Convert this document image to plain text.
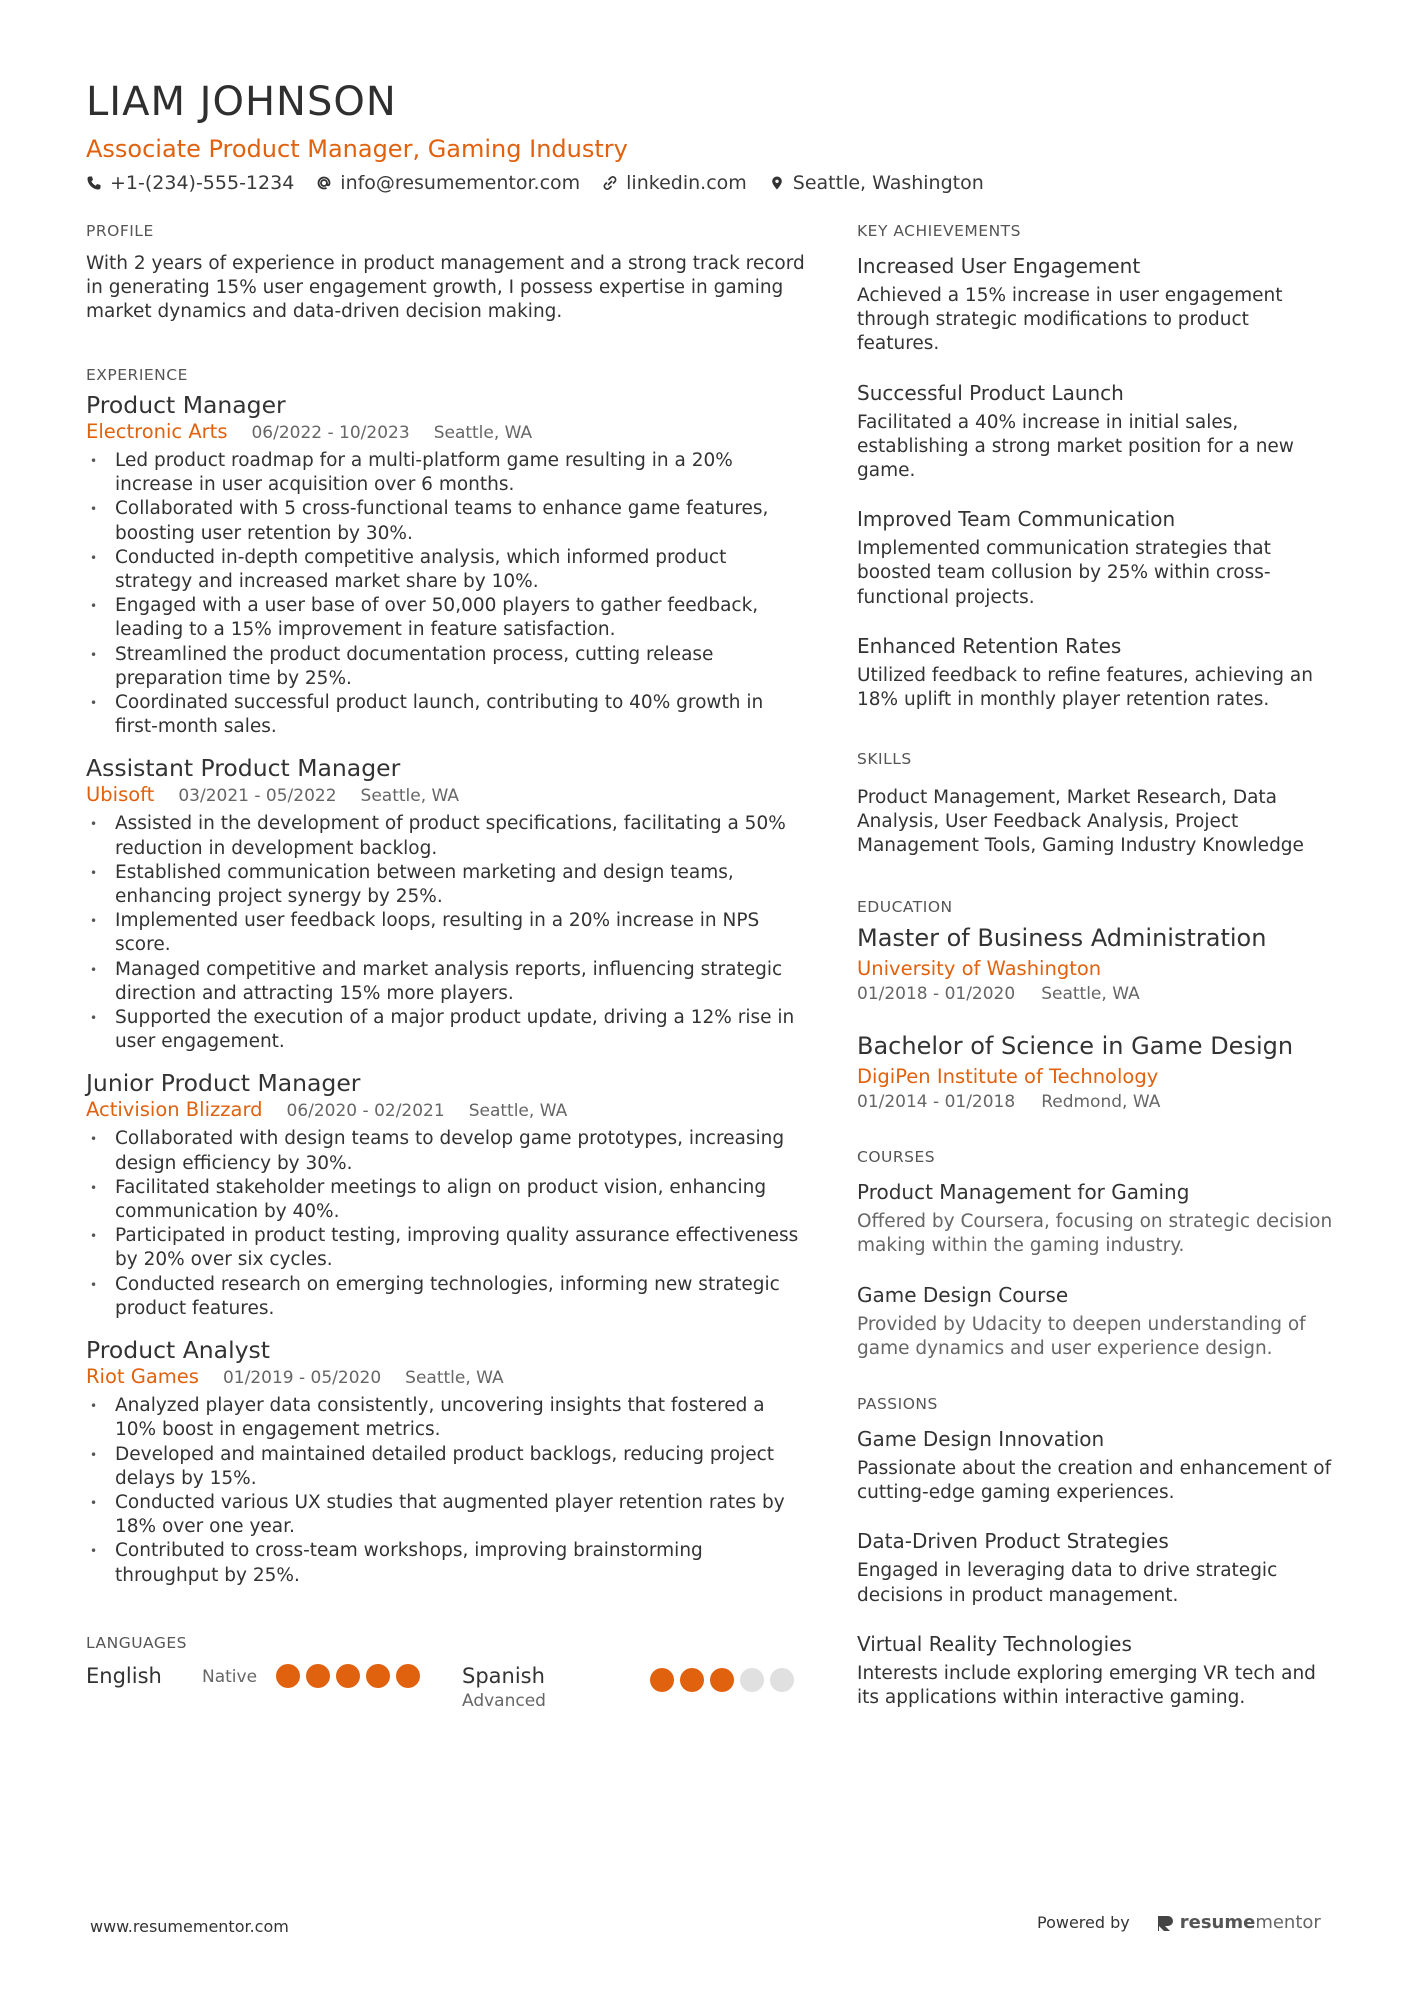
LIAM JOHNSON
Associate Product Manager, Gaming Industry
+1-(234)-555-1234 info@resumementor.com linkedin.com Seattle, Washington
PROFILE

With 2 years of experience in product management and a strong track record in generating 15% user engagement growth, I possess expertise in gaming market dynamics and data-driven decision making.

EXPERIENCE
Product Manager
Electronic Arts 06/2022 - 10/2023 Seattle, WA
• Led product roadmap for a multi-platform game resulting in a 20% increase in user acquisition over 6 months.
• Collaborated with 5 cross-functional teams to enhance game features, boosting user retention by 30%.
• Conducted in-depth competitive analysis, which informed product strategy and increased market share by 10%.
• Engaged with a user base of over 50,000 players to gather feedback, leading to a 15% improvement in feature satisfaction.
• Streamlined the product documentation process, cutting release preparation time by 25%.
• Coordinated successful product launch, contributing to 40% growth in first-month sales.
Assistant Product Manager
Ubisoft 03/2021 - 05/2022 Seattle, WA
• Assisted in the development of product specifications, facilitating a 50% reduction in development backlog.
• Established communication between marketing and design teams, enhancing project synergy by 25%.
• Implemented user feedback loops, resulting in a 20% increase in NPS score.
• Managed competitive and market analysis reports, influencing strategic direction and attracting 15% more players.
• Supported the execution of a major product update, driving a 12% rise in user engagement.
Junior Product Manager
Activision Blizzard 06/2020 - 02/2021 Seattle, WA
• Collaborated with design teams to develop game prototypes, increasing design efficiency by 30%.
• Facilitated stakeholder meetings to align on product vision, enhancing communication by 40%.
• Participated in product testing, improving quality assurance effectiveness by 20% over six cycles.
• Conducted research on emerging technologies, informing new strategic product features.
Product Analyst
Riot Games 01/2019 - 05/2020 Seattle, WA
• Analyzed player data consistently, uncovering insights that fostered a 10% boost in engagement metrics.
• Developed and maintained detailed product backlogs, reducing project delays by 15%.
• Conducted various UX studies that augmented player retention rates by 18% over one year.
• Contributed to cross-team workshops, improving brainstorming throughput by 25%.
LANGUAGES
English	Native	Spanish
Advanced
KEY ACHIEVEMENTS
Increased User Engagement
Achieved a 15% increase in user engagement through strategic modifications to product features.
Successful Product Launch
Facilitated a 40% increase in initial sales, establishing a strong market position for a new game.
Improved Team Communication
Implemented communication strategies that boosted team collusion by 25% within cross-functional projects.
Enhanced Retention Rates
Utilized feedback to refine features, achieving an 18% uplift in monthly player retention rates.
SKILLS

Product Management, Market Research, Data Analysis, User Feedback Analysis, Project Management Tools, Gaming Industry Knowledge

EDUCATION
Master of Business Administration
University of Washington
01/2018 - 01/2020 Seattle, WA
Bachelor of Science in Game Design
DigiPen Institute of Technology
01/2014 - 01/2018 Redmond, WA
COURSES
Product Management for Gaming
Offered by Coursera, focusing on strategic decision making within the gaming industry.
Game Design Course
Provided by Udacity to deepen understanding of game dynamics and user experience design.
PASSIONS
Game Design Innovation
Passionate about the creation and enhancement of cutting-edge gaming experiences.
Data-Driven Product Strategies
Engaged in leveraging data to drive strategic decisions in product management.
Virtual Reality Technologies
Interests include exploring emerging VR tech and its applications within interactive gaming.
www.resumementor.com	Powered by	resume mentor
